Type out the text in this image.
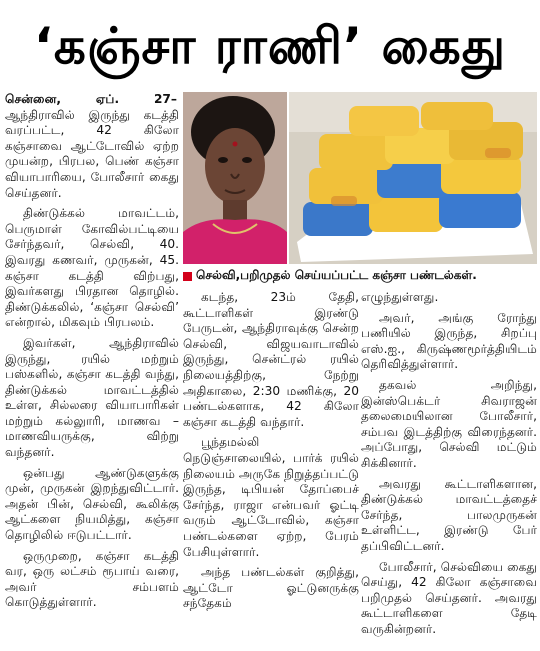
‘கஞ்சா ராணி’ கைது

சென்னை, ஏப். 27–ஆந்திராவில் இருந்து கடத்தி வரப்பட்ட, 42 கிலோ கஞ்சாவை ஆட்டோவில் ஏற்ற முயன்ற, பிரபல, பெண் கஞ்சா வியாபாரியை, போலீசார் கைது செய்தனர்.

திண்டுக்கல் மாவட்டம், பெருமாள் கோவில்பட்டியை சேர்ந்தவர், செல்வி, 40. இவரது கணவர், முருகன், 45. கஞ்சா கடத்தி விற்பது, இவர்களது பிரதான தொழில். திண்டுக்கலில், ‘கஞ்சா செல்வி’ என்றால், மிகவும் பிரபலம்.

இவர்கள், ஆந்திராவில் இருந்து, ரயில் மற்றும் பஸ்களில், கஞ்சா கடத்தி வந்து, திண்டுக்கல் மாவட்டத்தில் உள்ள, சில்லரை வியாபாரிகள் மற்றும் கல்லுாரி, மாணவ – மாணவியருக்கு, விற்று வந்தனர்.

ஒன்பது ஆண்டுகளுக்கு முன், முருகன் இறந்துவிட்டார். அதன் பின், செல்வி, கூலிக்கு ஆட்களை நியமித்து, கஞ்சா தொழிலில் ஈடுபட்டார்.

ஒருமுறை, கஞ்சா கடத்தி வர, ஒரு லட்சம் ரூபாய் வரை, அவர் சம்பளம் கொடுத்துள்ளார்.

செல்வி,பறிமுதல் செய்யப்பட்ட கஞ்சா பண்டல்கள்.

கடந்த, 23ம் தேதி, கூட்டாளிகள் இரண்டு பேருடன், ஆந்திராவுக்கு சென்ற செல்வி, விஜயவாடாவில் இருந்து, சென்ட்ரல் ரயில் நிலையத்திற்கு, நேற்று அதிகாலை, 2:30 மணிக்கு, 20 பண்டல்களாக, 42 கிலோ கஞ்சா கடத்தி வந்தார்.

பூந்தமல்லி நெடுஞ்சாலையில், பார்க் ரயில் நிலையம் அருகே நிறுத்தப்பட்டு இருந்த, டிபியன் தோப்பைச் சேர்ந்த, ராஜா என்பவர் ஓட்டி வரும் ஆட்டோவில், கஞ்சா பண்டல்களை ஏற்ற, பேரம் பேசியுள்ளார்.

அந்த பண்டல்கள் குறித்து, ஆட்டோ ஓட்டுனருக்கு சந்தேகம்

எழுந்துள்ளது.

அவர், அங்கு ரோந்து பணியில் இருந்த, சிறப்பு எஸ்.ஐ., கிருஷ்ணமூர்த்தியிடம் தெரிவித்துள்ளார்.

தகவல் அறிந்து, இன்ஸ்பெக்டர் சிவராஜன் தலைமையிலான போலீசார், சம்பவ இடத்திற்கு விரைந்தனர். அப்போது, செல்வி மட்டும் சிக்கினார்.

அவரது கூட்டாளிகளான, திண்டுக்கல் மாவட்டத்தைச் சேர்ந்த, பாலமுருகன் உள்ளிட்ட, இரண்டு பேர் தப்பிவிட்டனர்.

போலீசார், செல்வியை கைது செய்து, 42 கிலோ கஞ்சாவை பறிமுதல் செய்தனர். அவரது கூட்டாளிகளை தேடி வருகின்றனர்.
